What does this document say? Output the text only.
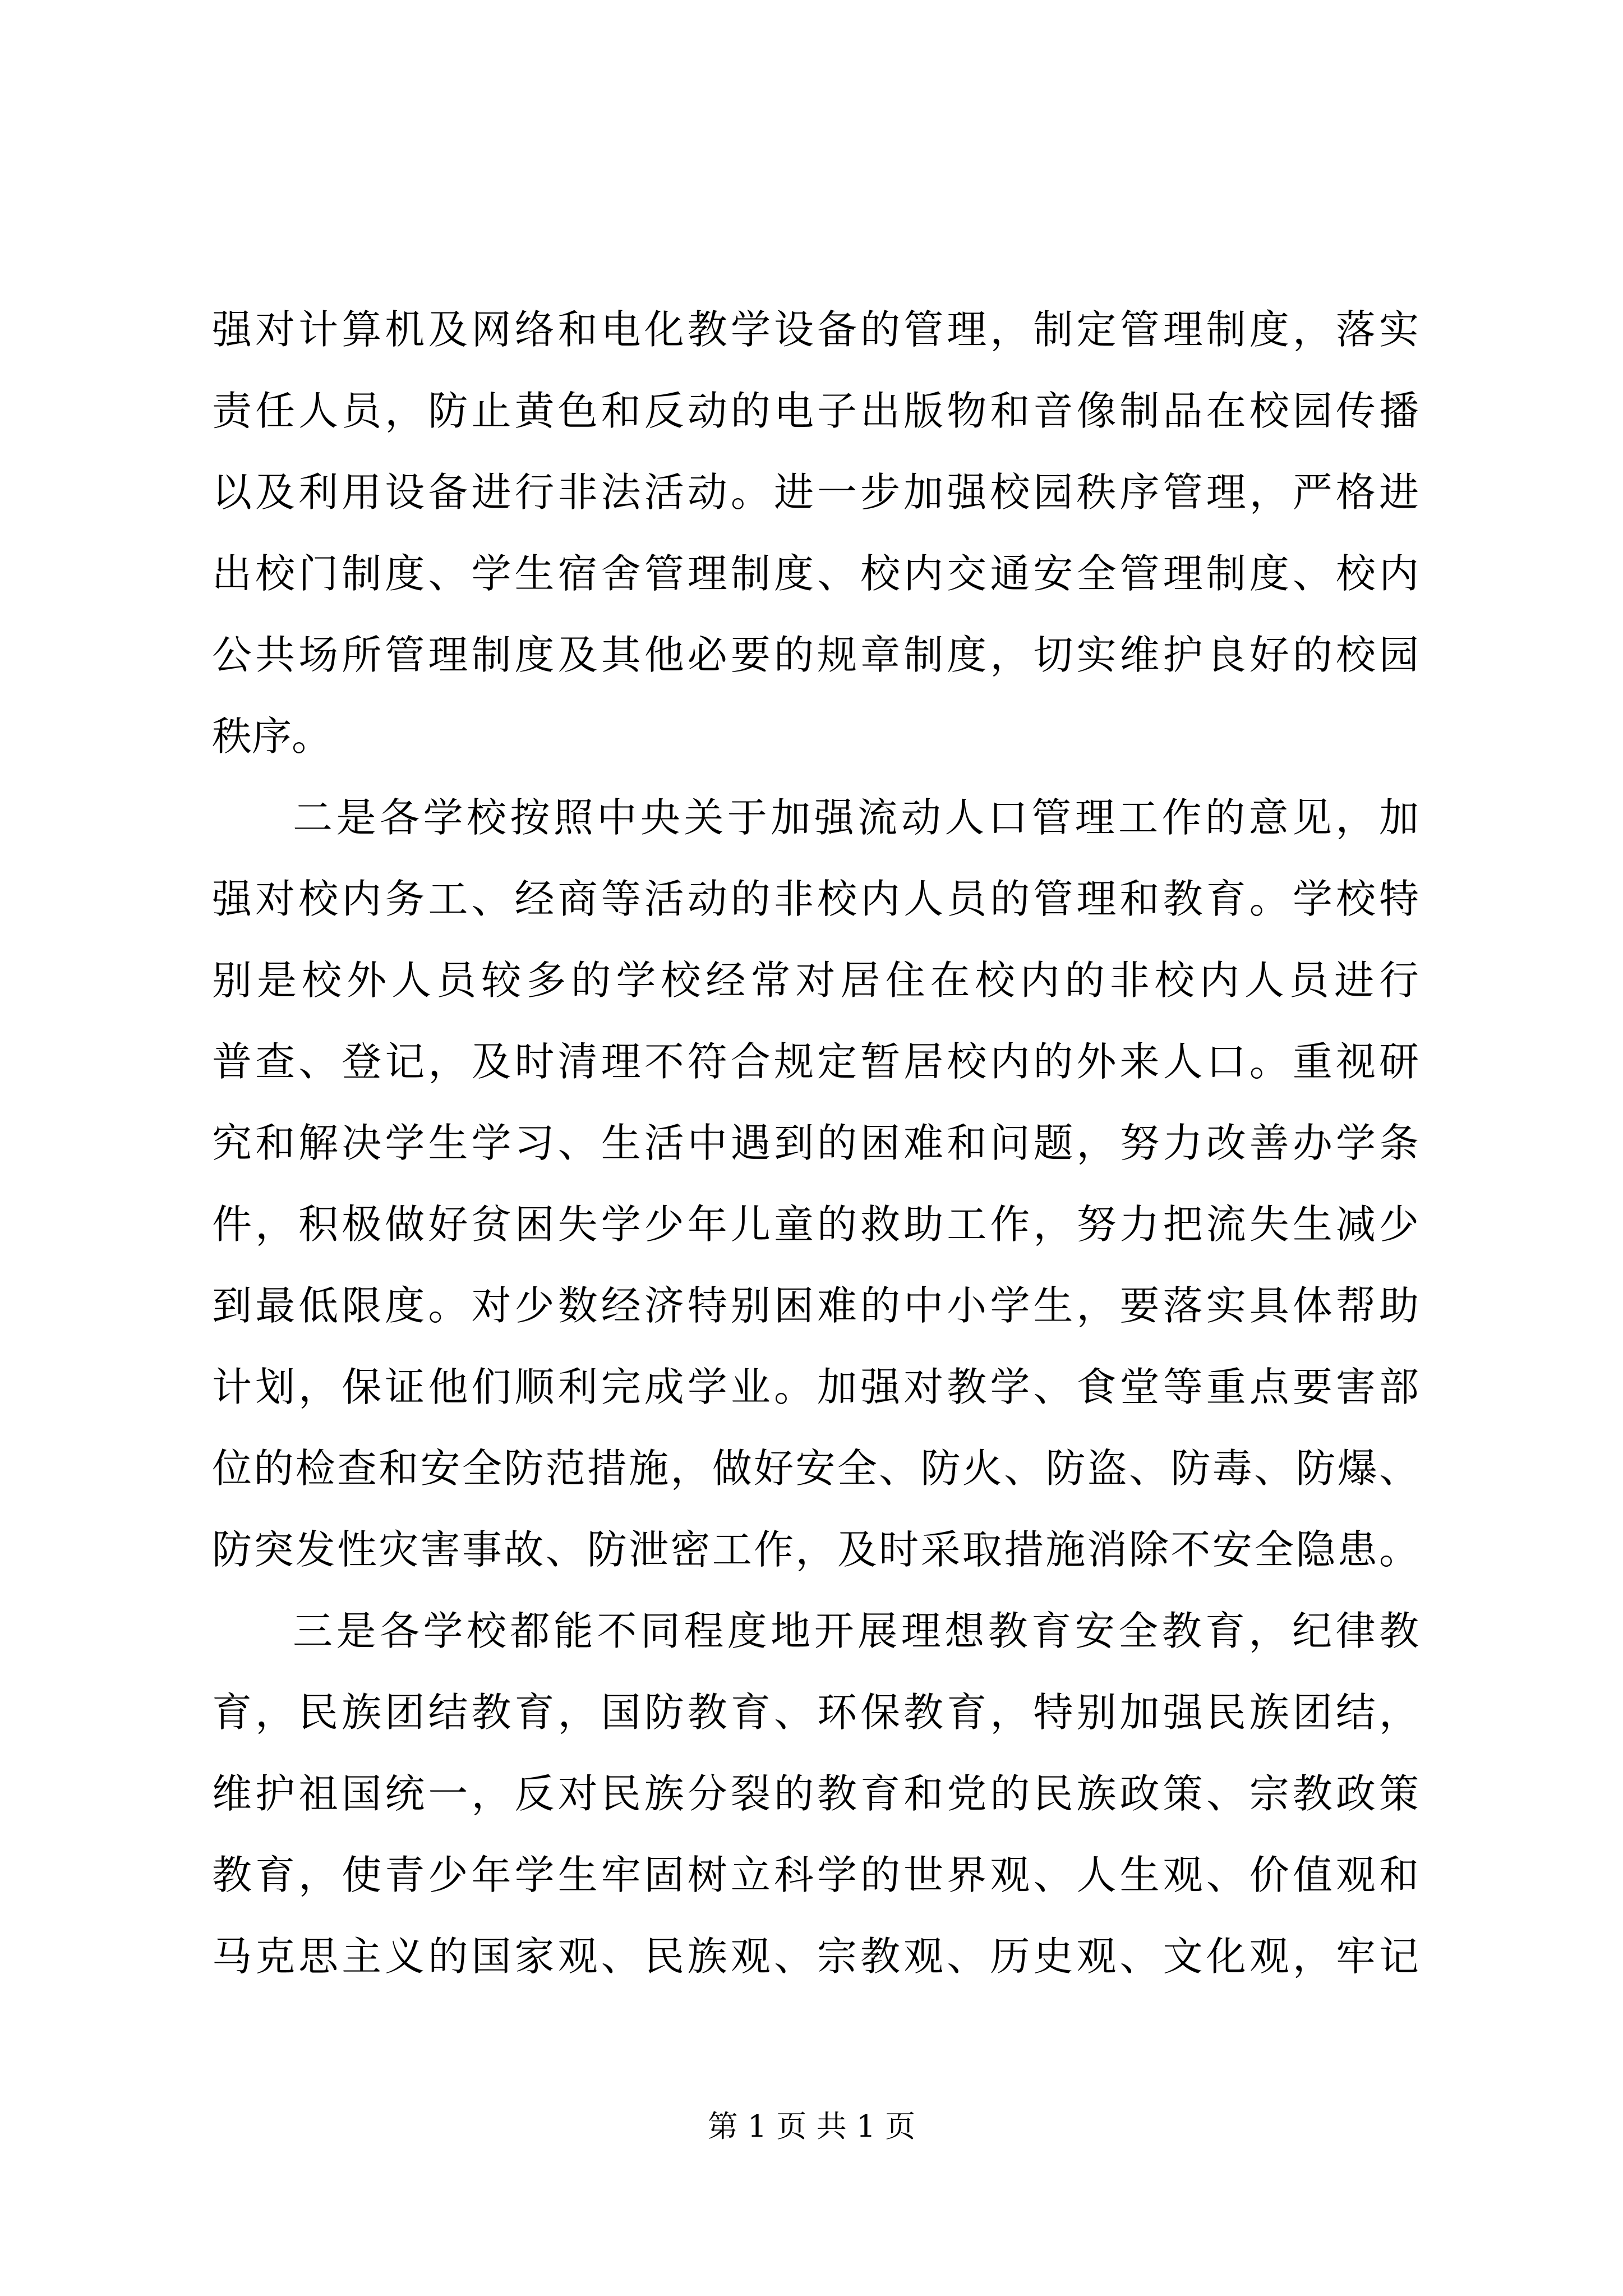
强对计算机及网络和电化教学设备的管理，制定管理制度，落实
责任人员，防止黄色和反动的电子出版物和音像制品在校园传播
以及利用设备进行非法活动。进一步加强校园秩序管理，严格进
出校门制度、学生宿舍管理制度、校内交通安全管理制度、校内
公共场所管理制度及其他必要的规章制度，切实维护良好的校园
秩序。
二是各学校按照中央关于加强流动人口管理工作的意见，加
强对校内务工、经商等活动的非校内人员的管理和教育。学校特
别是校外人员较多的学校经常对居住在校内的非校内人员进行
普查、登记，及时清理不符合规定暂居校内的外来人口。重视研
究和解决学生学习、生活中遇到的困难和问题，努力改善办学条
件，积极做好贫困失学少年儿童的救助工作，努力把流失生减少
到最低限度。对少数经济特别困难的中小学生，要落实具体帮助
计划，保证他们顺利完成学业。加强对教学、食堂等重点要害部
位的检查和安全防范措施，做好安全、防火、防盗、防毒、防爆、
防突发性灾害事故、防泄密工作，及时采取措施消除不安全隐患。
三是各学校都能不同程度地开展理想教育安全教育，纪律教
育，民族团结教育，国防教育、环保教育，特别加强民族团结，
维护祖国统一，反对民族分裂的教育和党的民族政策、宗教政策
教育，使青少年学生牢固树立科学的世界观、人生观、价值观和
马克思主义的国家观、民族观、宗教观、历史观、文化观，牢记
第 1 页 共 1 页
